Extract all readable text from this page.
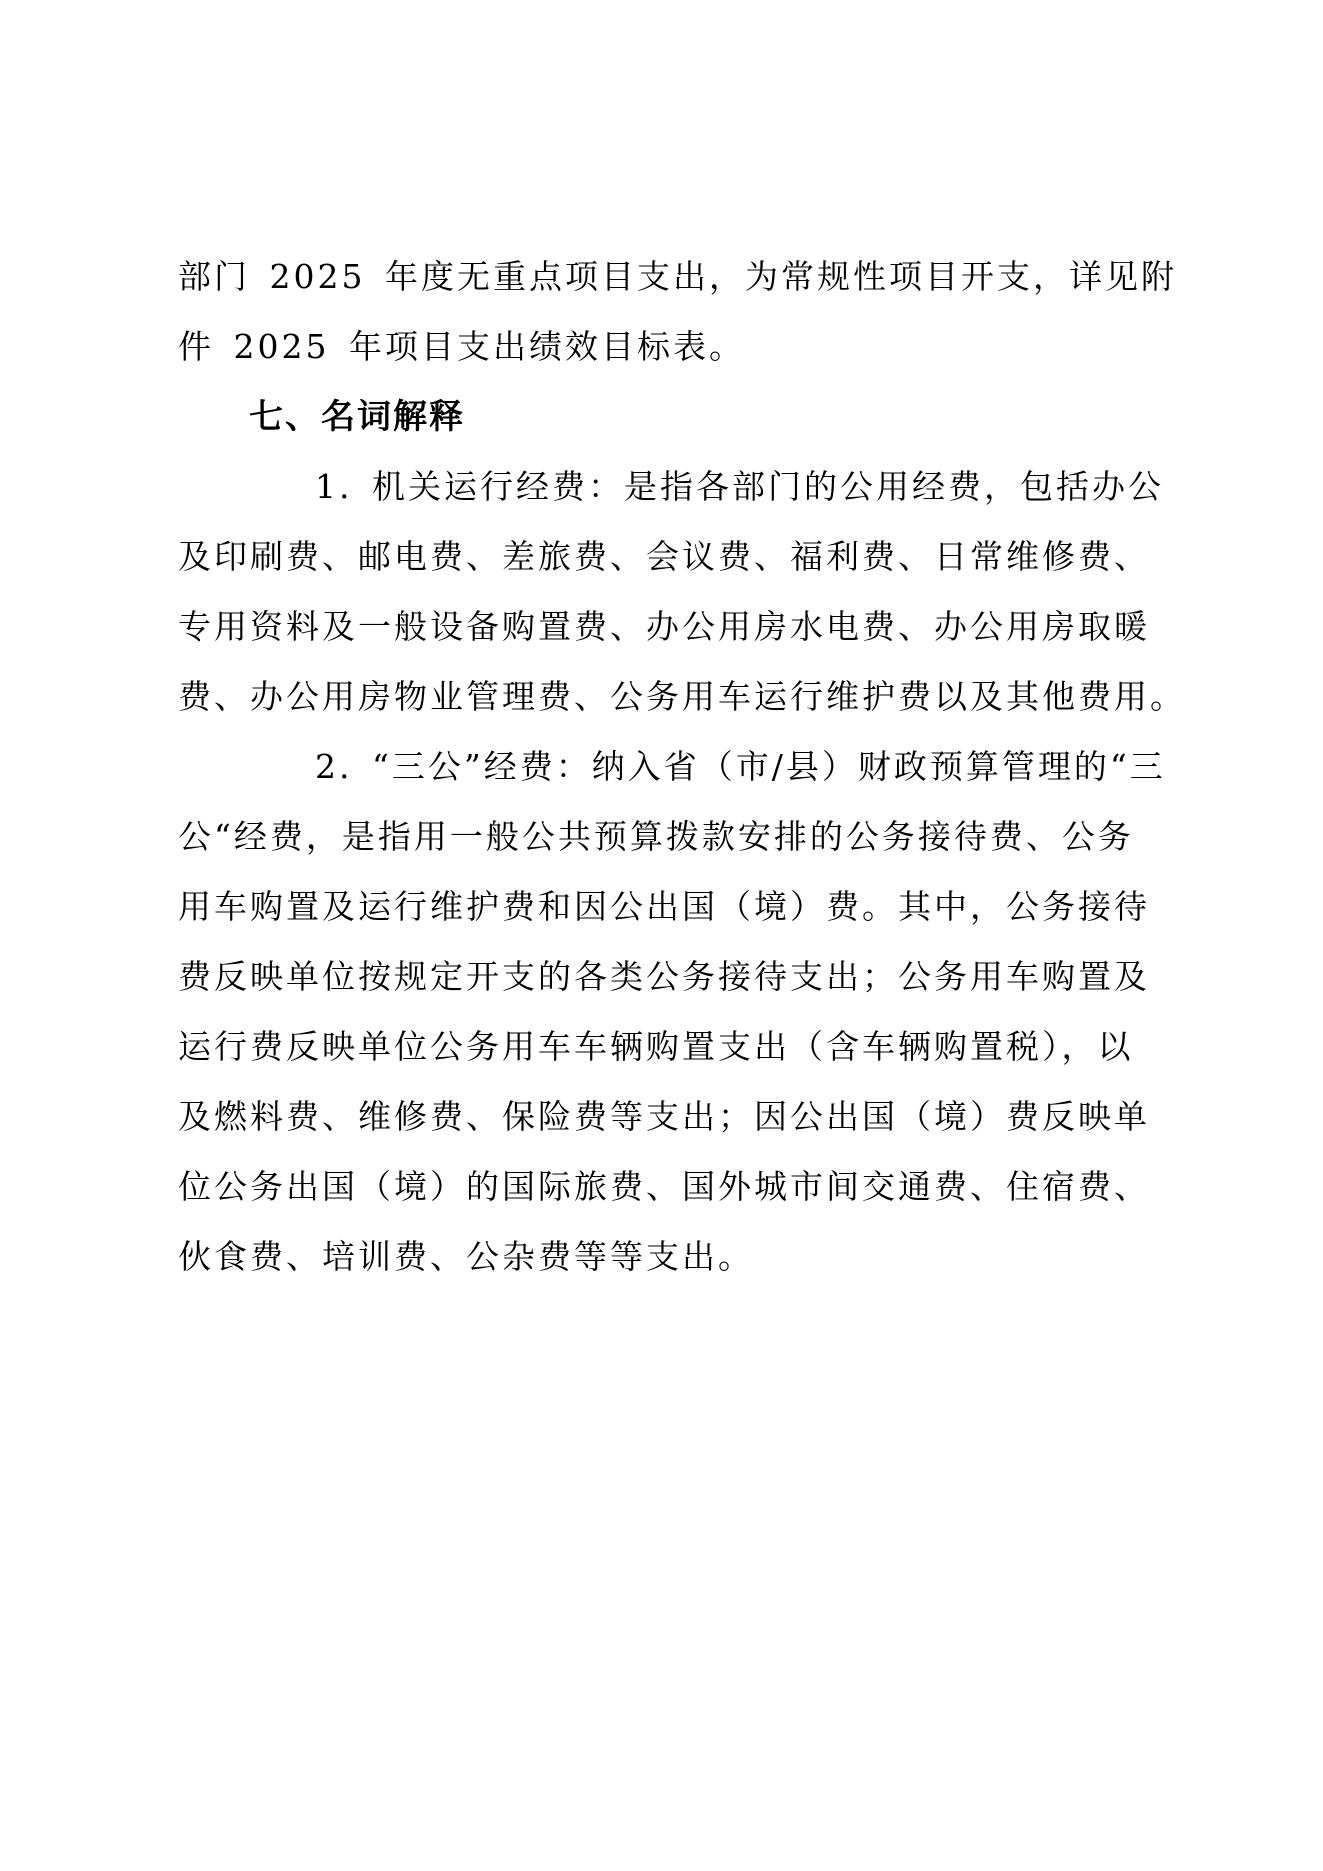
部门 2025 年度无重点项目支出，为常规性项目开支，详见附
件 2025 年项目支出绩效目标表。
七、名词解释
1. 机关运行经费：是指各部门的公用经费，包括办公
及印刷费、邮电费、差旅费、会议费、福利费、日常维修费、
专用资料及一般设备购置费、办公用房水电费、办公用房取暖
费、办公用房物业管理费、公务用车运行维护费以及其他费用。
2. “三公”经费：纳入省（市/县）财政预算管理的“三
公“经费，是指用一般公共预算拨款安排的公务接待费、公务
用车购置及运行维护费和因公出国（境）费。其中，公务接待
费反映单位按规定开支的各类公务接待支出；公务用车购置及
运行费反映单位公务用车车辆购置支出（含车辆购置税），以
及燃料费、维修费、保险费等支出；因公出国（境）费反映单
位公务出国（境）的国际旅费、国外城市间交通费、住宿费、
伙食费、培训费、公杂费等等支出。
